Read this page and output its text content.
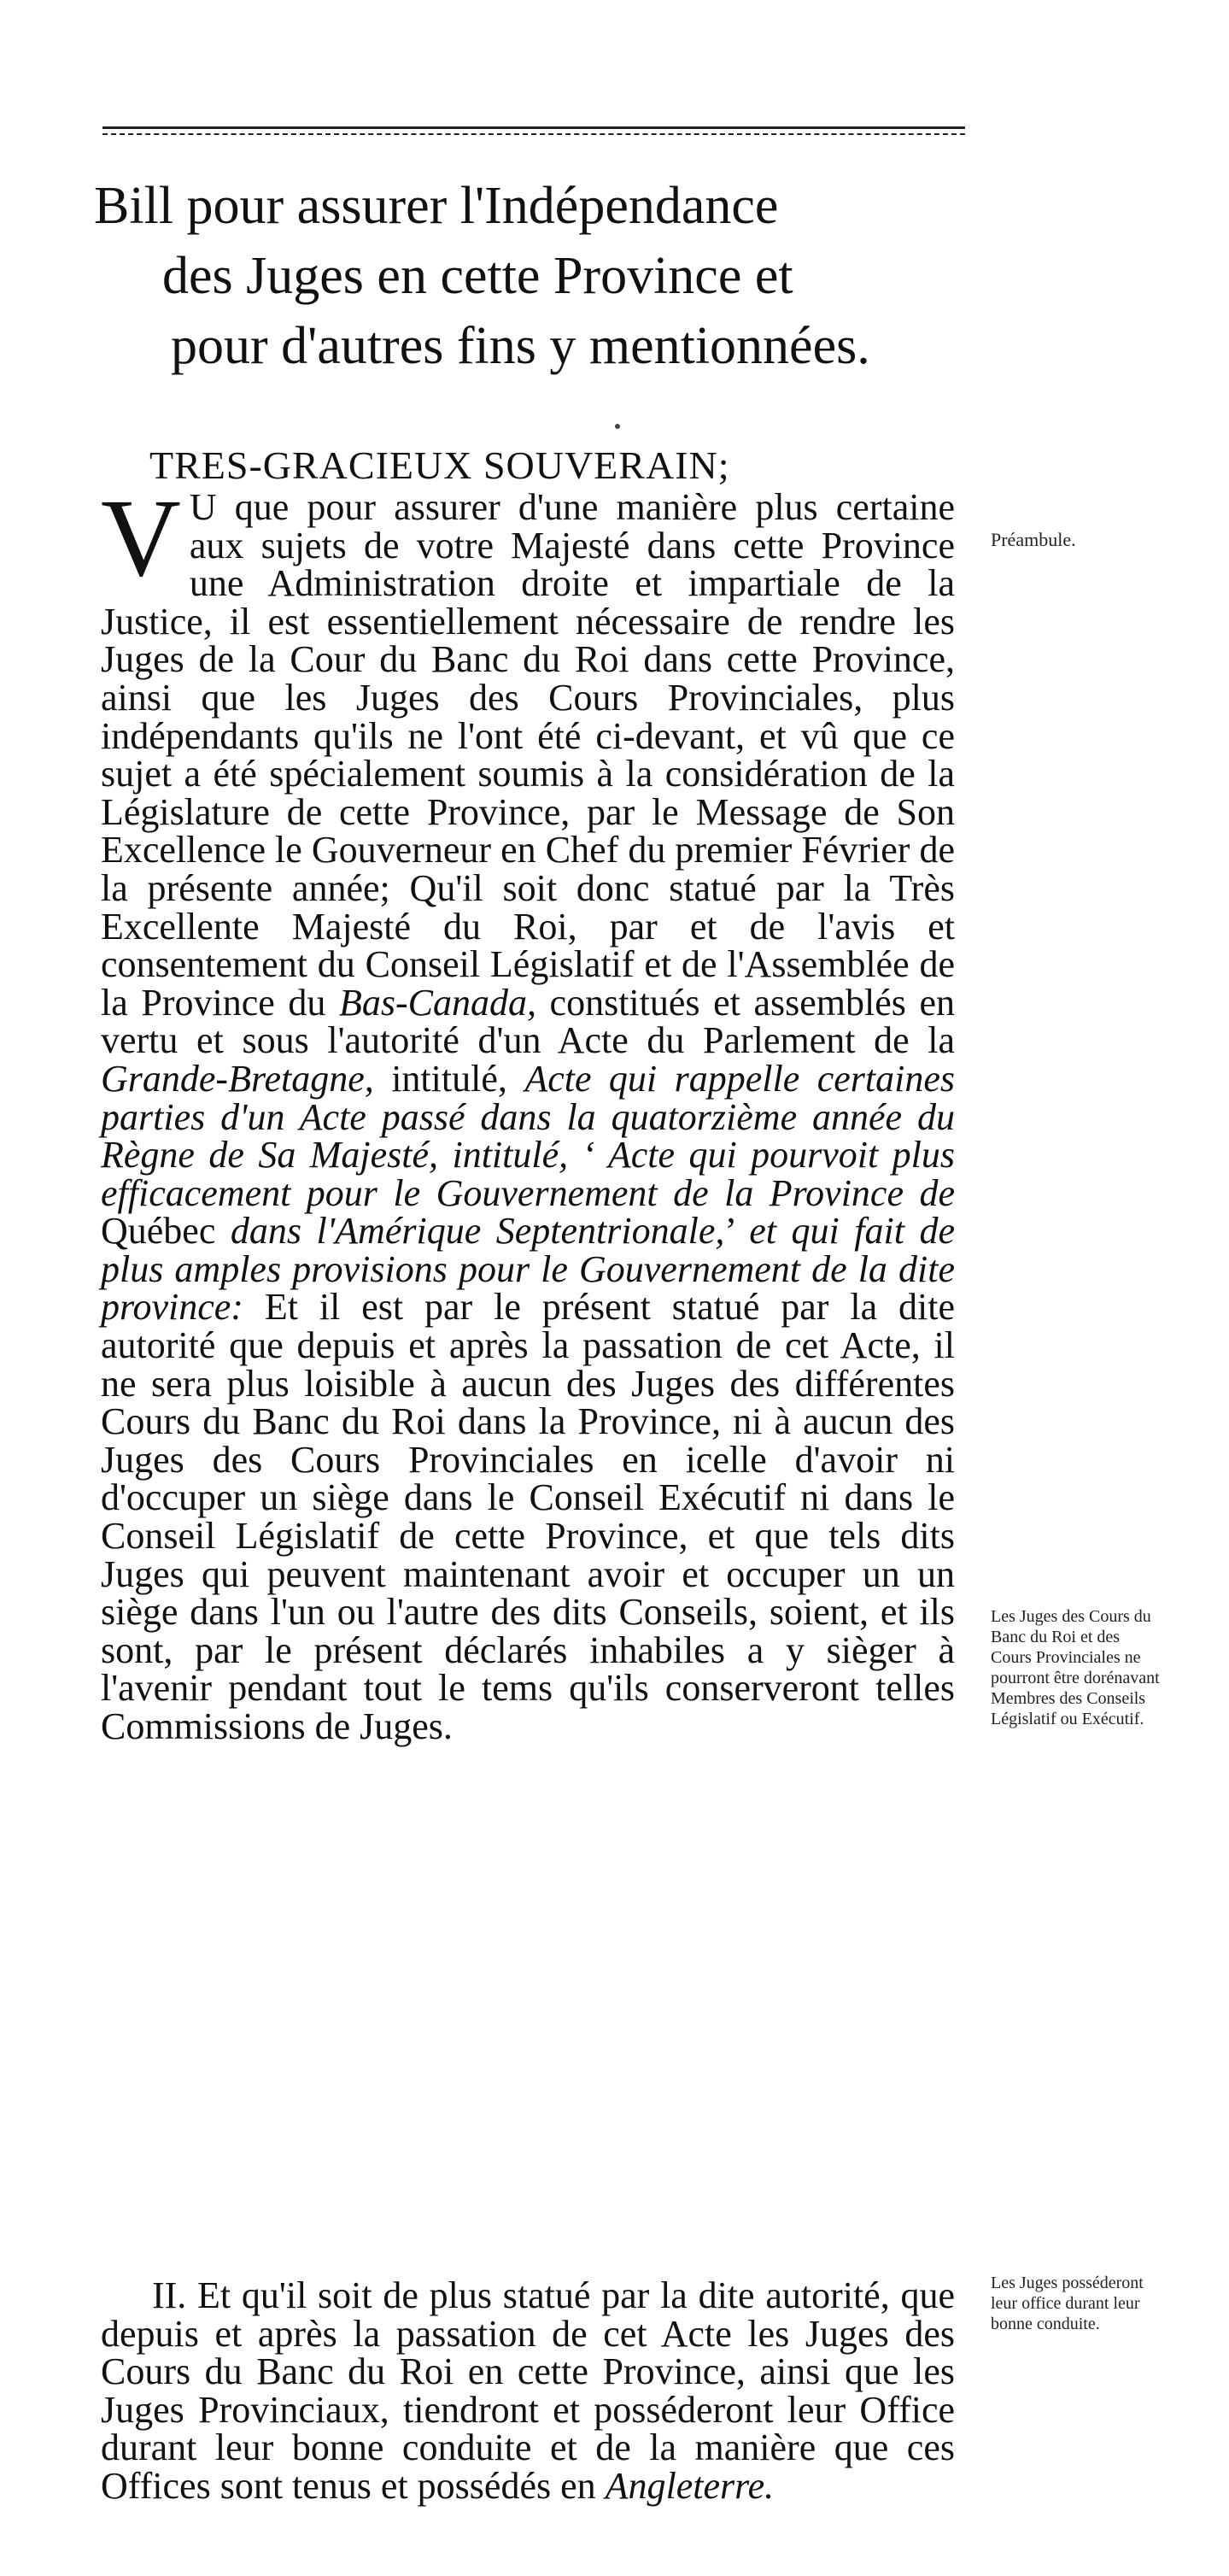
Bill pour assurer l'Indépendance
des Juges en cette Province et
pour d'autres fins y mentionnées.

TRES-GRACIEUX SOUVERAIN;

V U que pour assurer d'une manière plus certaine aux sujets de votre Majesté dans cette Province une Administration droite et impartiale de la Justice, il est essentiellement nécessaire de rendre les Juges de la Cour du Banc du Roi dans cette Province, ainsi que les Juges des Cours Provinciales, plus indépendants qu'ils ne l'ont été ci-devant, et vû que ce sujet a été spécialement soumis à la considération de la Législature de cette Province, par le Message de Son Excellence le Gouverneur en Chef du premier Février de la présente année; Qu'il soit donc statué par la Très Excellente Majesté du Roi, par et de l'avis et consentement du Conseil Législatif et de l'Assemblée de la Province du Bas-Canada, constitués et assemblés en vertu et sous l'autorité d'un Acte du Parlement de la Grande-Bretagne, intitulé, Acte qui rappelle certaines parties d'un Acte passé dans la quatorzième année du Règne de Sa Majesté, intitulé, ‘ Acte qui pourvoit plus efficacement pour le Gouvernement de la Province de Québec dans l'Amérique Septentrionale,’ et qui fait de plus amples provisions pour le Gouvernement de la dite province: Et il est par le présent statué par la dite autorité que depuis et après la passation de cet Acte, il ne sera plus loisible à aucun des Juges des différentes Cours du Banc du Roi dans la Province, ni à aucun des Juges des Cours Provinciales en icelle d'avoir ni d'occuper un siège dans le Conseil Exécutif ni dans le Conseil Législatif de cette Province, et que tels dits Juges qui peuvent maintenant avoir et occuper un un siège dans l'un ou l'autre des dits Conseils, soient, et ils sont, par le présent déclarés inhabiles a y sièger à l'avenir pendant tout le tems qu'ils conserveront telles Commissions de Juges.

II. Et qu'il soit de plus statué par la dite autorité, que depuis et après la passation de cet Acte les Juges des Cours du Banc du Roi en cette Province, ainsi que les Juges Provinciaux, tiendront et posséderont leur Office durant leur bonne conduite et de la manière que ces Offices sont tenus et possédés en Angleterre.

Préambule.

Les Juges des Cours du Banc du Roi et des Cours Provinciales ne pourront être dorénavant Membres des Conseils Législatif ou Exécutif.

Les Juges posséderont leur office durant leur bonne conduite.
